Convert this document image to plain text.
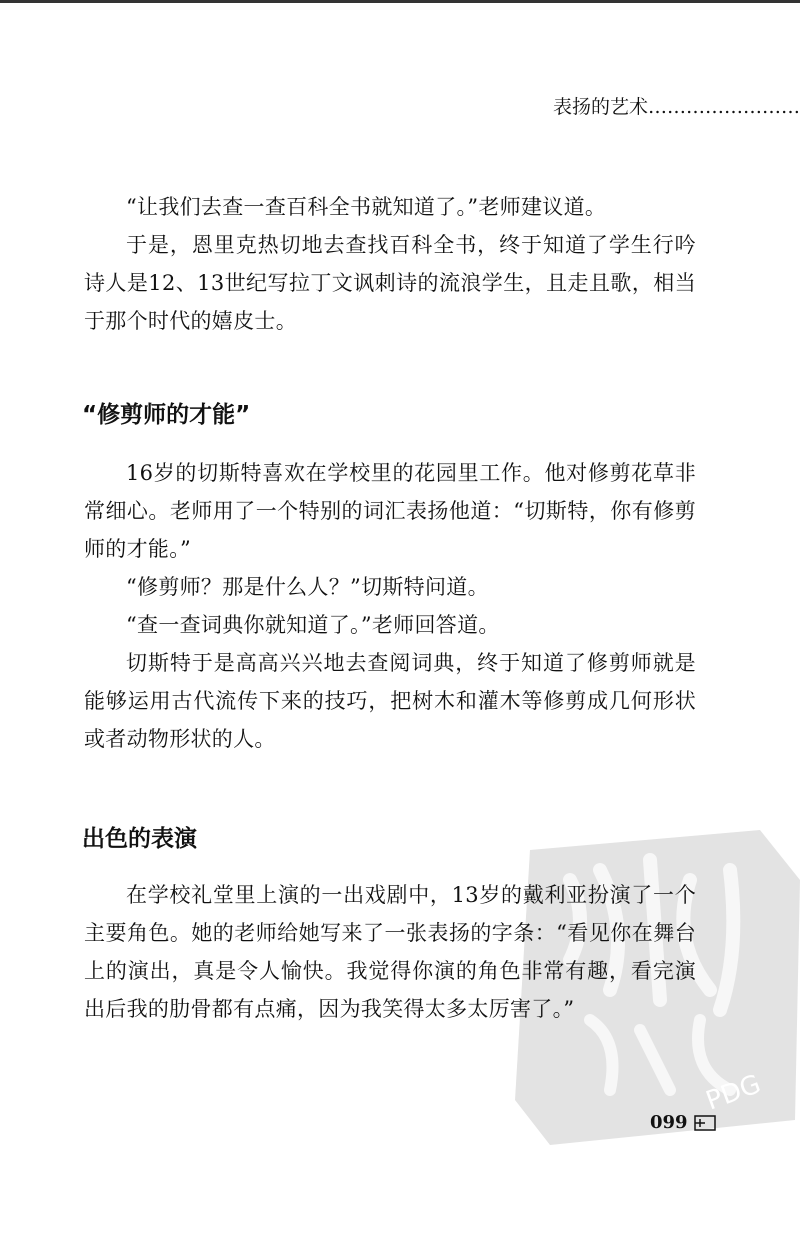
表扬的艺术……………………
PDG

“让我们去查一查百科全书就知道了。”老师建议道。

于是，恩里克热切地去查找百科全书，终于知道了学生行吟诗人是12、13世纪写拉丁文讽刺诗的流浪学生，且走且歌，相当于那个时代的嬉皮士。

“修剪师的才能”

16岁的切斯特喜欢在学校里的花园里工作。他对修剪花草非常细心。老师用了一个特别的词汇表扬他道：“切斯特，你有修剪师的才能。”

“修剪师？那是什么人？”切斯特问道。

“查一查词典你就知道了。”老师回答道。

切斯特于是高高兴兴地去查阅词典，终于知道了修剪师就是能够运用古代流传下来的技巧，把树木和灌木等修剪成几何形状或者动物形状的人。

出色的表演

在学校礼堂里上演的一出戏剧中，13岁的戴利亚扮演了一个主要角色。她的老师给她写来了一张表扬的字条：“看见你在舞台上的演出，真是令人愉快。我觉得你演的角色非常有趣，看完演出后我的肋骨都有点痛，因为我笑得太多太厉害了。”

099
